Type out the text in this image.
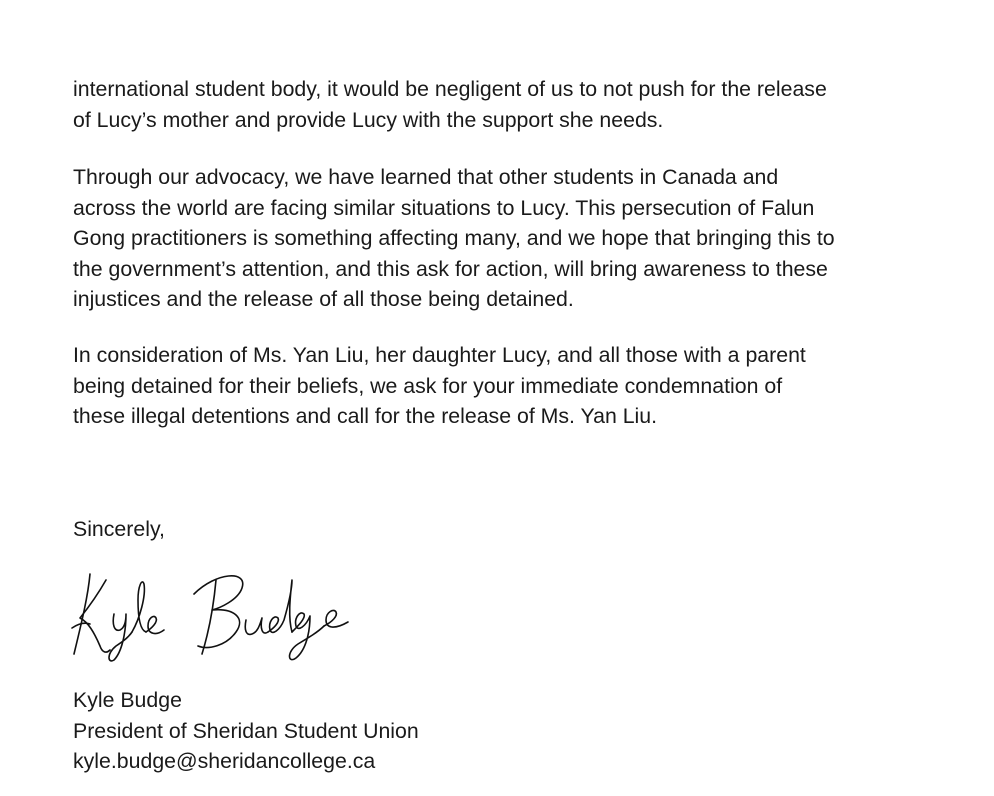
international student body, it would be negligent of us to not push for the release
of Lucy’s mother and provide Lucy with the support she needs.

Through our advocacy, we have learned that other students in Canada and
across the world are facing similar situations to Lucy. This persecution of Falun
Gong practitioners is something affecting many, and we hope that bringing this to
the government’s attention, and this ask for action, will bring awareness to these
injustices and the release of all those being detained.

In consideration of Ms. Yan Liu, her daughter Lucy, and all those with a parent
being detained for their beliefs, we ask for your immediate condemnation of
these illegal detentions and call for the release of Ms. Yan Liu.

Sincerely,

Kyle Budge
President of Sheridan Student Union
kyle.budge@sheridancollege.ca
